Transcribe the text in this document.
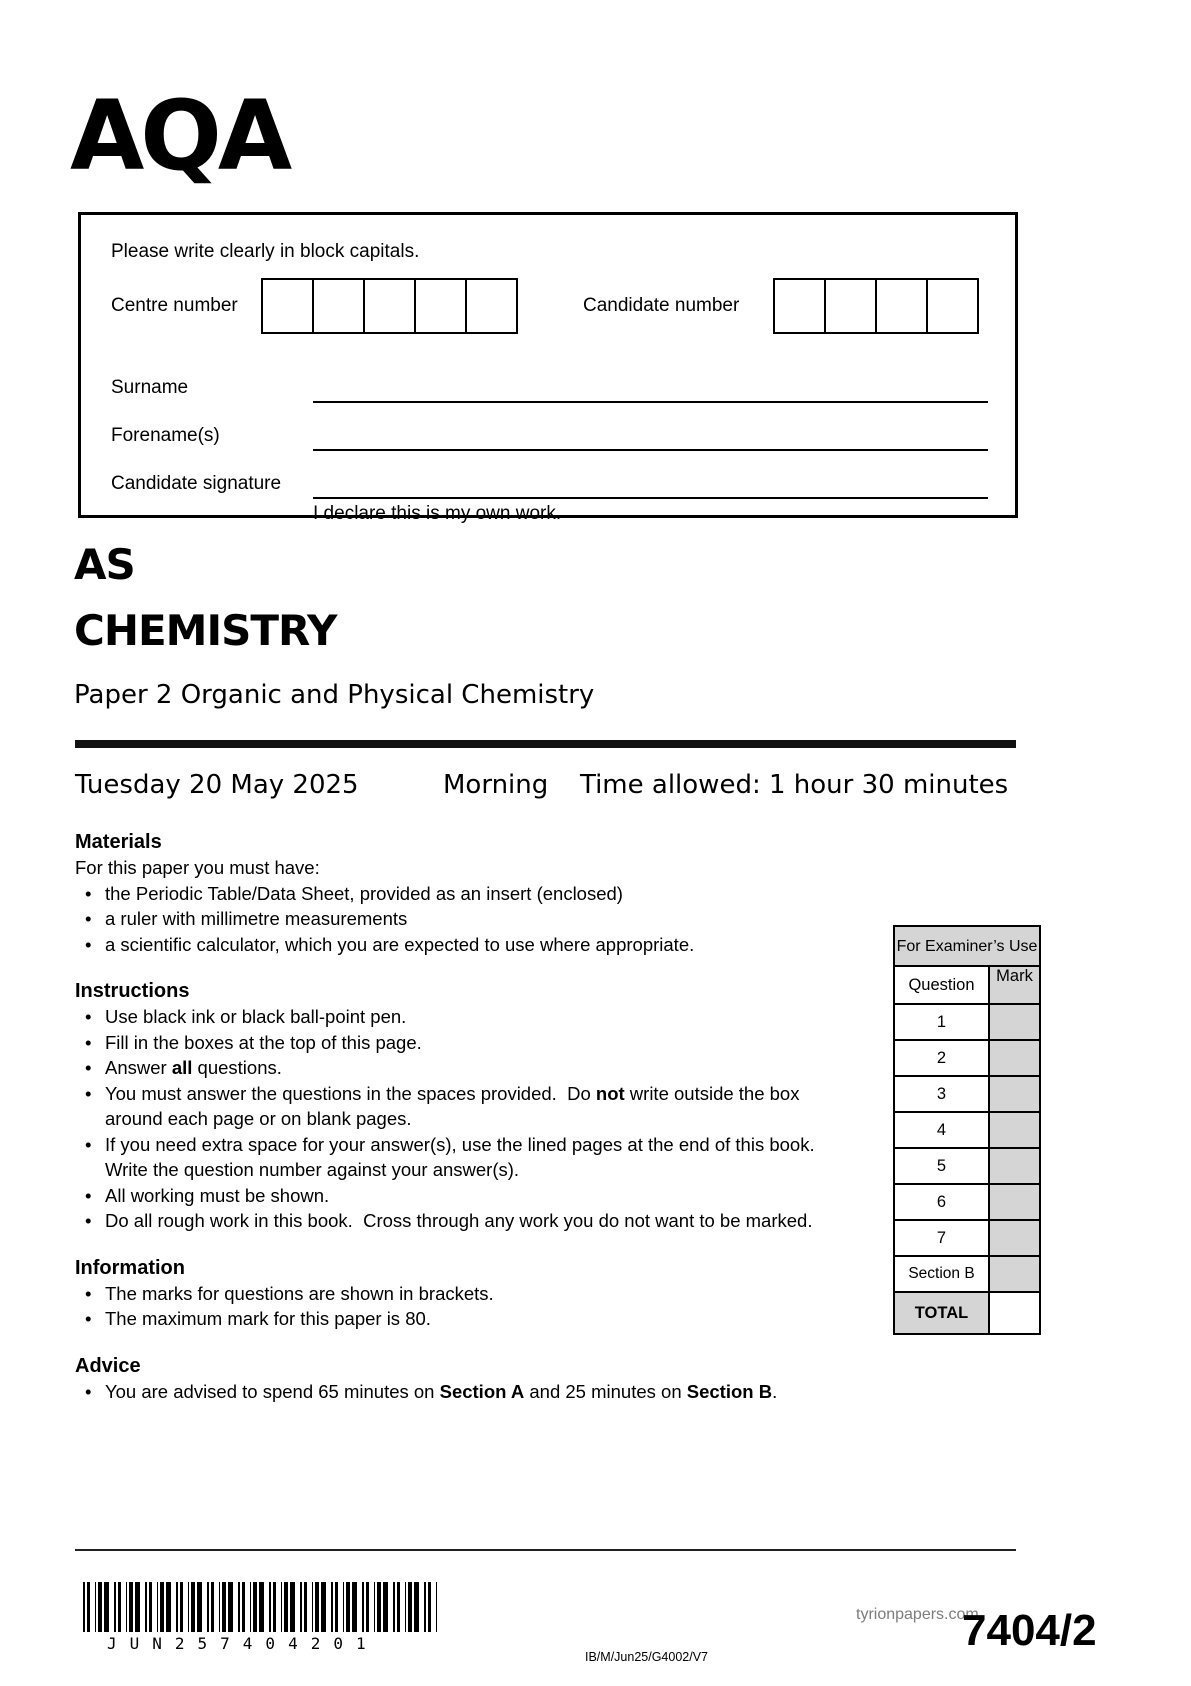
AQA
Please write clearly in block capitals.
Centre number	Candidate number
Surname
Forename(s)
Candidate signature
I declare this is my own work.
AS
CHEMISTRY
Paper 2 Organic and Physical Chemistry
Tuesday 20 May 2025	Morning Time allowed: 1 hour 30 minutes
Materials

For this paper you must have:

• the Periodic Table/Data Sheet, provided as an insert (enclosed)
• a ruler with millimetre measurements
• a scientific calculator, which you are expected to use where appropriate.
Instructions
• Use black ink or black ball-point pen.
• Fill in the boxes at the top of this page.
• Answer all questions.
• You must answer the questions in the spaces provided.  Do not write outside the box around each page or on blank pages.
• If you need extra space for your answer(s), use the lined pages at the end of this book.  Write the question number against your answer(s).
• All working must be shown.
• Do all rough work in this book.  Cross through any work you do not want to be marked.
Information
• The marks for questions are shown in brackets.
• The maximum mark for this paper is 80.
Advice
• You are advised to spend 65 minutes on Section A and 25 minutes on Section B.
For Examiner’s Use
Question	Mark
1
2
3
4
5
6
7
Section B
TOTAL
JUN257404201
IB/M/Jun25/G4002/V7
tyrionpapers.com
7404/2
